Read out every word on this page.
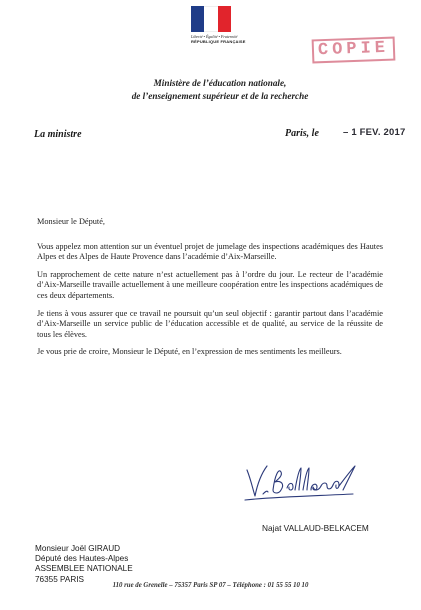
Liberté • Égalité • Fraternité
RÉPUBLIQUE FRANÇAISE	COPIE
Ministère de l’éducation nationale,
de l’enseignement supérieur et de la recherche
La ministre	Paris, le	– 1 FEV. 2017

Monsieur le Député,

Vous appelez mon attention sur un éventuel projet de jumelage des inspections académiques des Hautes Alpes et des Alpes de Haute Provence dans l’académie d’Aix-Marseille.

Un rapprochement de cette nature n’est actuellement pas à l’ordre du jour. Le recteur de l’académie d’Aix-Marseille travaille actuellement à une meilleure coopération entre les inspections académiques de ces deux départements.

Je tiens à vous assurer que ce travail ne poursuit qu’un seul objectif : garantir partout dans l’académie d’Aix-Marseille un service public de l’éducation accessible et de qualité, au service de la réussite de tous les élèves.

Je vous prie de croire, Monsieur le Député, en l’expression de mes sentiments les meilleurs.

Najat VALLAUD-BELKACEM
Monsieur Joël GIRAUD
Député des Hautes-Alpes
ASSEMBLEE NATIONALE
76355 PARIS
110 rue de Grenelle – 75357 Paris SP 07 – Téléphone : 01 55 55 10 10
